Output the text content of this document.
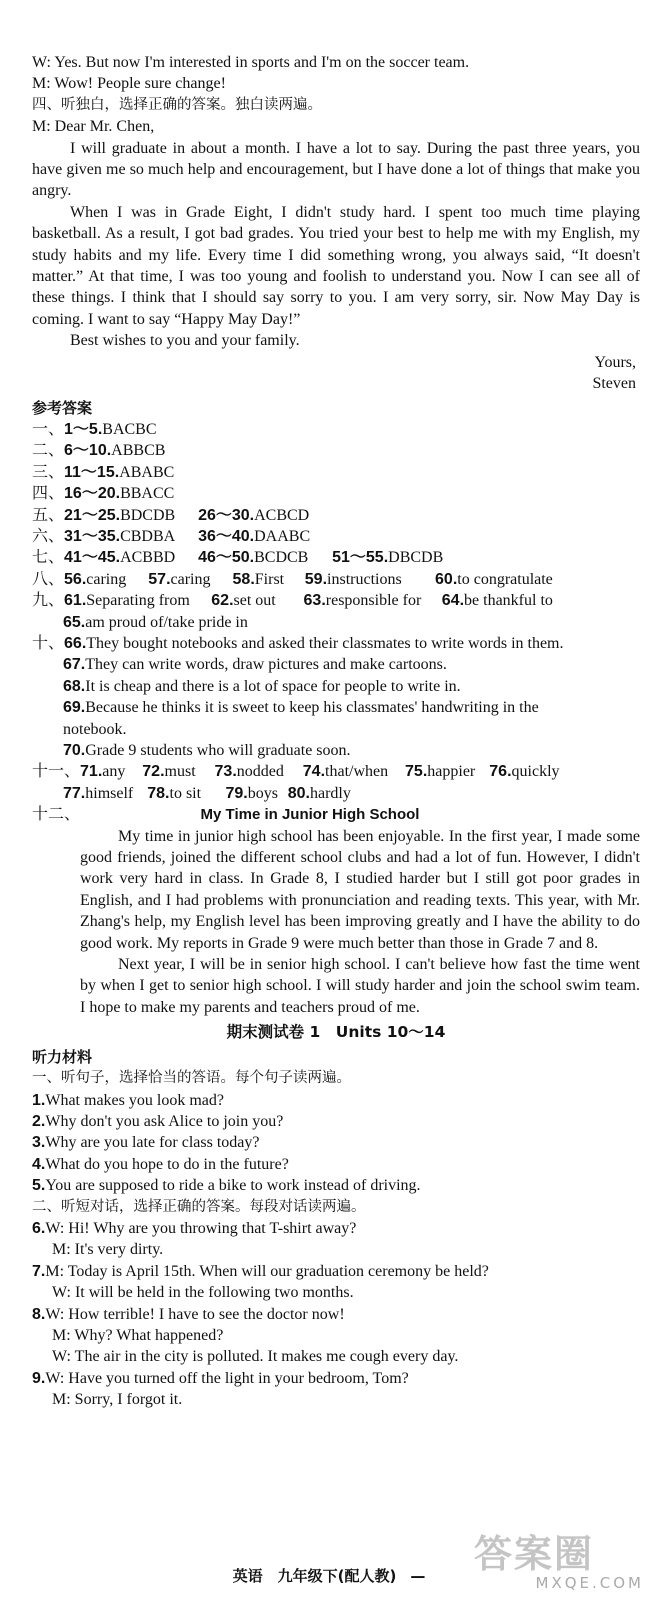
W: Yes. But now I'm interested in sports and I'm on the soccer team.

M: Wow! People sure change!

四、听独白，选择正确的答案。独白读两遍。

M: Dear Mr. Chen,

I will graduate in about a month. I have a lot to say. During the past three years, you have given me so much help and encouragement, but I have done a lot of things that make you angry.

When I was in Grade Eight, I didn't study hard. I spent too much time playing basketball. As a result, I got bad grades. You tried your best to help me with my English, my study habits and my life. Every time I did something wrong, you always said, “It doesn't matter.” At that time, I was too young and foolish to understand you. Now I can see all of these things. I think that I should say sorry to you. I am very sorry, sir. Now May Day is coming. I want to say “Happy May Day!”

Best wishes to you and your family.

Yours,

Steven

参考答案

一、1～5.BACBC

二、6～10.ABBCB

三、11～15.ABABC

四、16～20.BBACC

五、21～25.BDCDB 26～30.ACBCD

六、31～35.CBDBA 36～40.DAABC

七、41～45.ACBBD 46～50.BCDCB 51～55.DBCDB

八、56.caring 57.caring 58.First 59.instructions 60.to congratulate

九、61.Separating from 62.set out 63.responsible for 64.be thankful to

65.am proud of/take pride in

十、66.They bought notebooks and asked their classmates to write words in them.

67.They can write words, draw pictures and make cartoons.

68.It is cheap and there is a lot of space for people to write in.

69.Because he thinks it is sweet to keep his classmates' handwriting in the

notebook.

70.Grade 9 students who will graduate soon.

十一、71.any 72.must 73.nodded 74.that/when 75.happier 76.quickly

77.himself 78.to sit 79.boys 80.hardly

十二、	My Time in Junior High School

My time in junior high school has been enjoyable. In the first year, I made some good friends, joined the different school clubs and had a lot of fun. However, I didn't work very hard in class. In Grade 8, I studied harder but I still got poor grades in English, and I had problems with pronunciation and reading texts. This year, with Mr. Zhang's help, my English level has been improving greatly and I have the ability to do good work. My reports in Grade 9 were much better than those in Grade 7 and 8.

Next year, I will be in senior high school. I can't believe how fast the time went by when I get to senior high school. I will study harder and join the school swim team. I hope to make my parents and teachers proud of me.

期末测试卷 1　Units 10～14

听力材料

一、听句子，选择恰当的答语。每个句子读两遍。

1.What makes you look mad?

2.Why don't you ask Alice to join you?

3.Why are you late for class today?

4.What do you hope to do in the future?

5.You are supposed to ride a bike to work instead of driving.

二、听短对话，选择正确的答案。每段对话读两遍。

6.W: Hi! Why are you throwing that T-shirt away?

M: It's very dirty.

7.M: Today is April 15th. When will our graduation ceremony be held?

W: It will be held in the following two months.

8.W: How terrible! I have to see the doctor now!

M: Why? What happened?

W: The air in the city is polluted. It makes me cough every day.

9.W: Have you turned off the light in your bedroom, Tom?

M: Sorry, I forgot it.

英语　九年级下(配人教) —	答案圈
MXQE.COM
